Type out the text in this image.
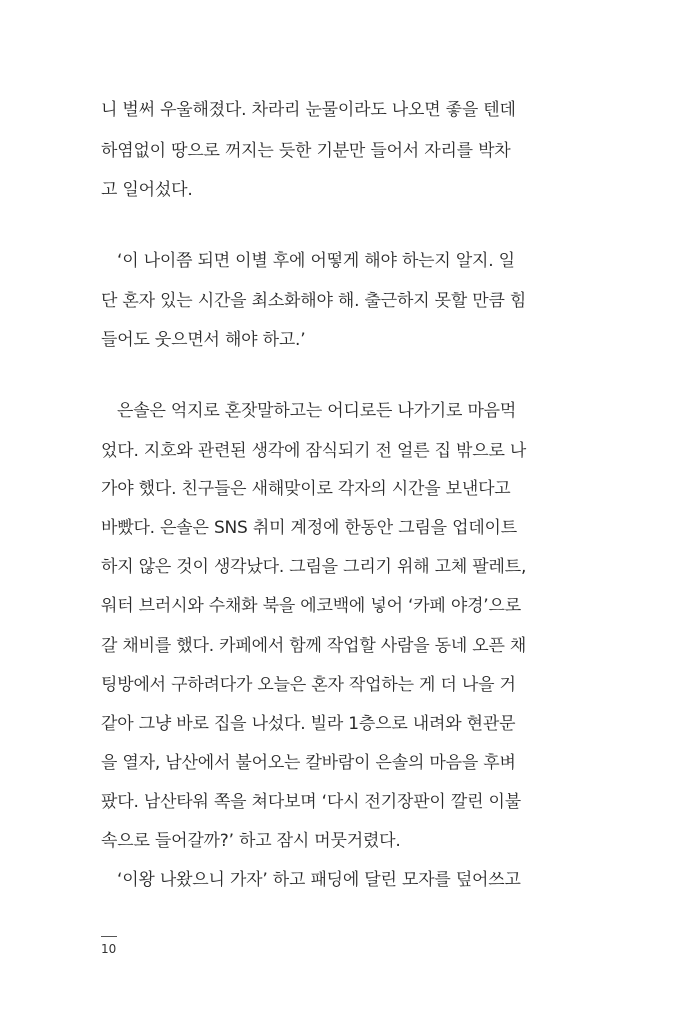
니 벌써 우울해졌다. 차라리 눈물이라도 나오면 좋을 텐데
하염없이 땅으로 꺼지는 듯한 기분만 들어서 자리를 박차
고 일어섰다.
‘이 나이쯤 되면 이별 후에 어떻게 해야 하는지 알지. 일
단 혼자 있는 시간을 최소화해야 해. 출근하지 못할 만큼 힘
들어도 웃으면서 해야 하고.’
은솔은 억지로 혼잣말하고는 어디로든 나가기로 마음먹
었다. 지호와 관련된 생각에 잠식되기 전 얼른 집 밖으로 나
가야 했다. 친구들은 새해맞이로 각자의 시간을 보낸다고
바빴다. 은솔은 SNS 취미 계정에 한동안 그림을 업데이트
하지 않은 것이 생각났다. 그림을 그리기 위해 고체 팔레트,
워터 브러시와 수채화 북을 에코백에 넣어 ‘카페 야경’으로
갈 채비를 했다. 카페에서 함께 작업할 사람을 동네 오픈 채
팅방에서 구하려다가 오늘은 혼자 작업하는 게 더 나을 거
같아 그냥 바로 집을 나섰다. 빌라 1층으로 내려와 현관문
을 열자, 남산에서 불어오는 칼바람이 은솔의 마음을 후벼
팠다. 남산타워 쪽을 쳐다보며 ‘다시 전기장판이 깔린 이불
속으로 들어갈까?’ 하고 잠시 머뭇거렸다.
‘이왕 나왔으니 가자’ 하고 패딩에 달린 모자를 덮어쓰고
10
